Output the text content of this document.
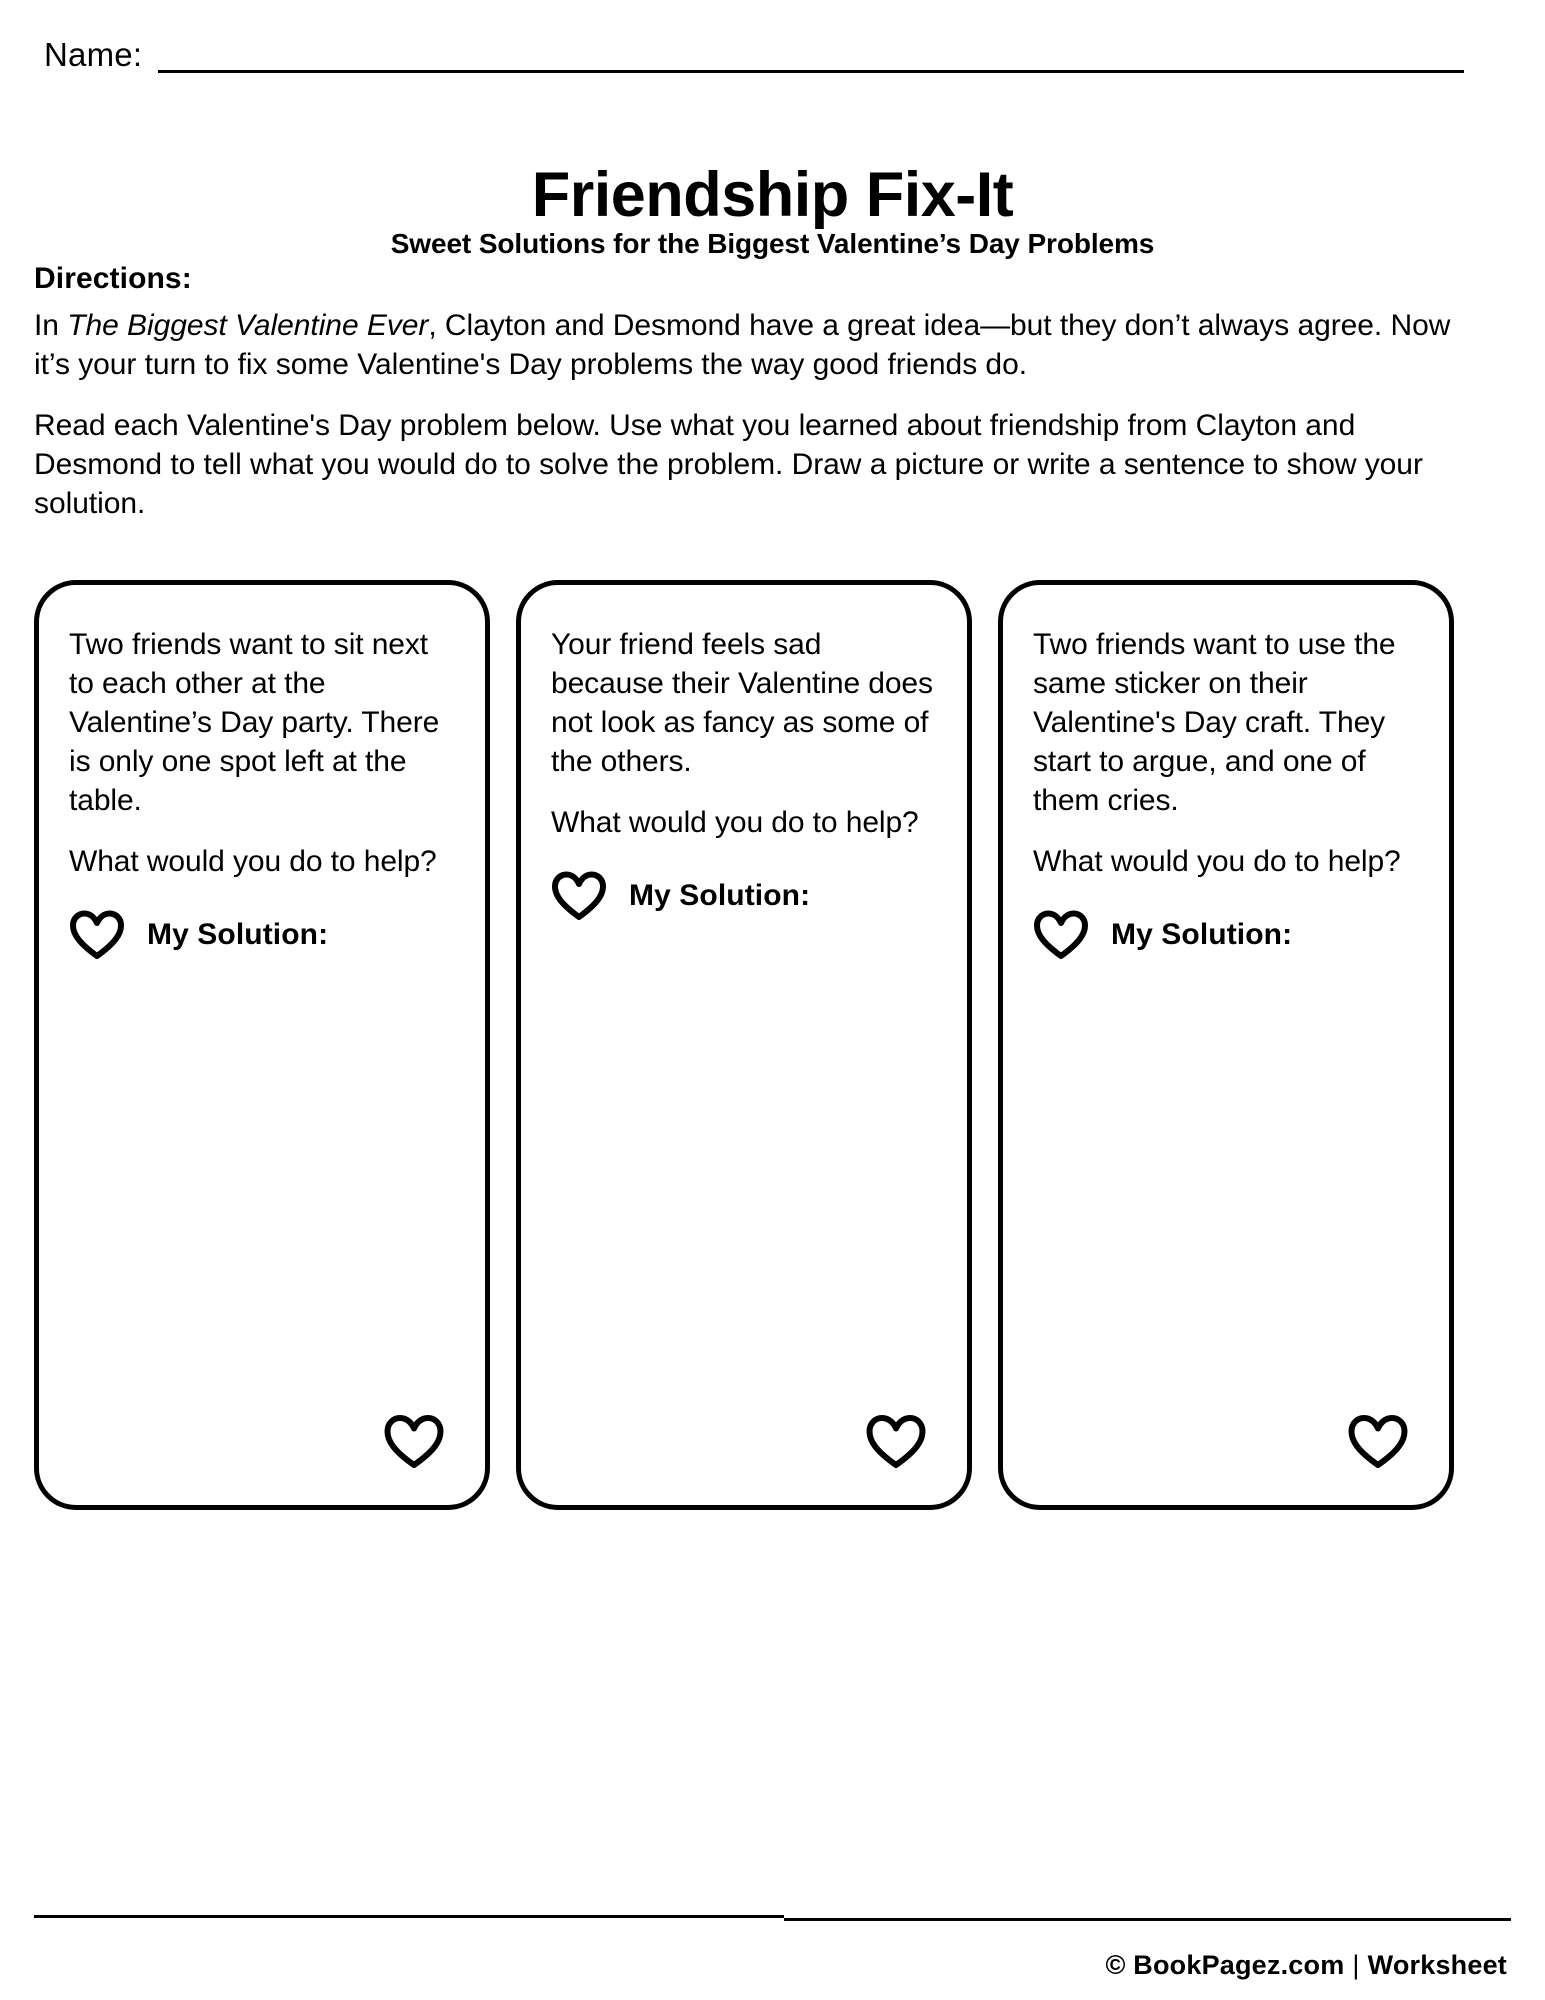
Name:
Friendship Fix-It
Sweet Solutions for the Biggest Valentine’s Day Problems
Directions:

In The Biggest Valentine Ever, Clayton and Desmond have a great idea—but they don’t always agree. Now it’s your turn to fix some Valentine's Day problems the way good friends do.

Read each Valentine's Day problem below. Use what you learned about friendship from Clayton and Desmond to tell what you would do to solve the problem. Draw a picture or write a sentence to show your solution.

Two friends want to sit next to each other at the Valentine’s Day party. There is only one spot left at the table.

What would you do to help?

My Solution:

Your friend feels sad because their Valentine does not look as fancy as some of the others.

What would you do to help?

My Solution:

Two friends want to use the same sticker on their Valentine's Day craft. They start to argue, and one of them cries.

What would you do to help?

My Solution:
© BookPagez.com | Worksheet
